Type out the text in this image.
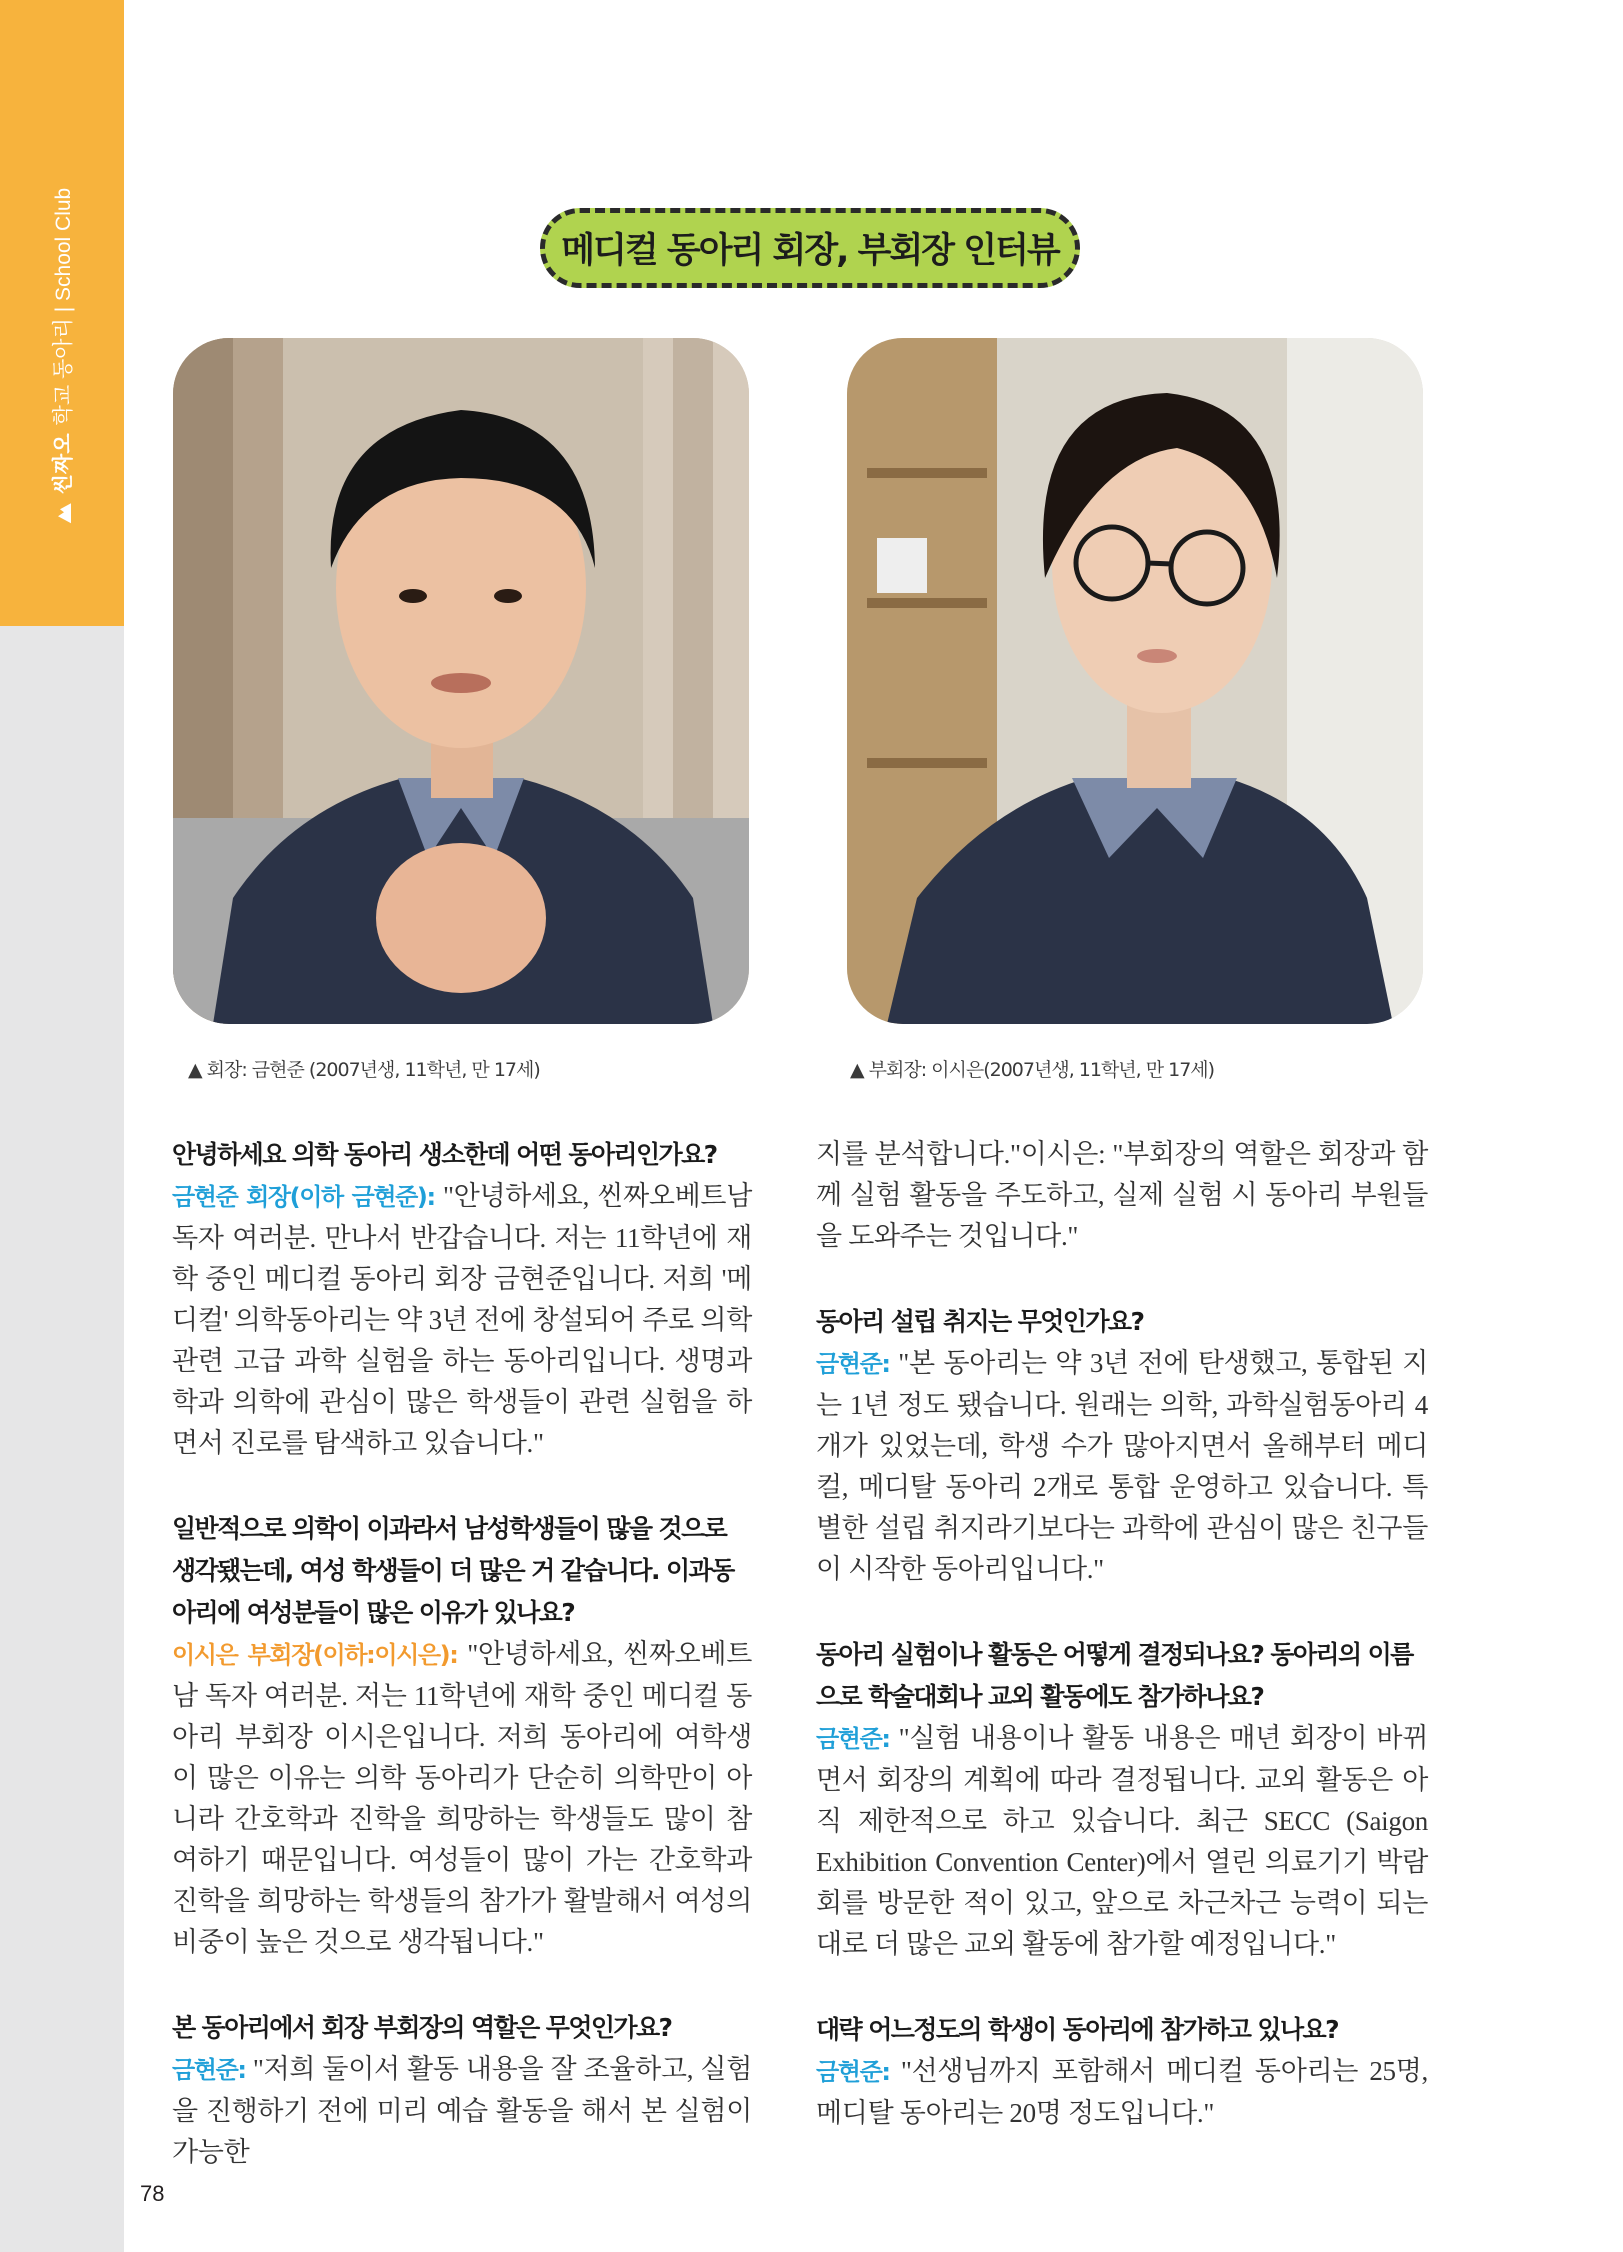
씬짜오
학교 동아리 | School Club	메디컬 동아리 회장, 부회장 인터뷰
▲ 회장: 금현준 (2007년생, 11학년, 만 17세)	▲ 부회장: 이시은(2007년생, 11학년, 만 17세)
안녕하세요 의학 동아리 생소한데 어떤 동아리인가요?
금현준 회장(이하 금현준): "안녕하세요, 씬짜오베트남 독자 여러분. 만나서 반갑습니다. 저는 11학년에 재학 중인 메디컬 동아리 회장 금현준입니다. 저희 '메디컬' 의학동아리는 약 3년 전에 창설되어 주로 의학 관련 고급 과학 실험을 하는 동아리입니다. 생명과학과 의학에 관심이 많은 학생들이 관련 실험을 하면서 진로를 탐색하고 있습니다."
일반적으로 의학이 이과라서 남성학생들이 많을 것으로 생각됐는데, 여성 학생들이 더 많은 거 같습니다. 이과동아리에 여성분들이 많은 이유가 있나요?
이시은 부회장(이하:이시은): "안녕하세요, 씬짜오베트남 독자 여러분. 저는 11학년에 재학 중인 메디컬 동아리 부회장 이시은입니다. 저희 동아리에 여학생이 많은 이유는 의학 동아리가 단순히 의학만이 아니라 간호학과 진학을 희망하는 학생들도 많이 참여하기 때문입니다. 여성들이 많이 가는 간호학과 진학을 희망하는 학생들의 참가가 활발해서 여성의 비중이 높은 것으로 생각됩니다."
본 동아리에서 회장 부회장의 역할은 무엇인가요?
금현준: "저희 둘이서 활동 내용을 잘 조율하고, 실험을 진행하기 전에 미리 예습 활동을 해서 본 실험이 가능한
지를 분석합니다."이시은: "부회장의 역할은 회장과 함께 실험 활동을 주도하고, 실제 실험 시 동아리 부원들을 도와주는 것입니다."
동아리 설립 취지는 무엇인가요?
금현준: "본 동아리는 약 3년 전에 탄생했고, 통합된 지는 1년 정도 됐습니다. 원래는 의학, 과학실험동아리 4개가 있었는데, 학생 수가 많아지면서 올해부터 메디컬, 메디탈 동아리 2개로 통합 운영하고 있습니다. 특별한 설립 취지라기보다는 과학에 관심이 많은 친구들이 시작한 동아리입니다."
동아리 실험이나 활동은 어떻게 결정되나요? 동아리의 이름으로 학술대회나 교외 활동에도 참가하나요?
금현준: "실험 내용이나 활동 내용은 매년 회장이 바뀌면서 회장의 계획에 따라 결정됩니다. 교외 활동은 아직 제한적으로 하고 있습니다. 최근 SECC (Saigon Exhibition Convention Center)에서 열린 의료기기 박람회를 방문한 적이 있고, 앞으로 차근차근 능력이 되는 대로 더 많은 교외 활동에 참가할 예정입니다."
대략 어느정도의 학생이 동아리에 참가하고 있나요?
금현준: "선생님까지 포함해서 메디컬 동아리는 25명, 메디탈 동아리는 20명 정도입니다."
78
